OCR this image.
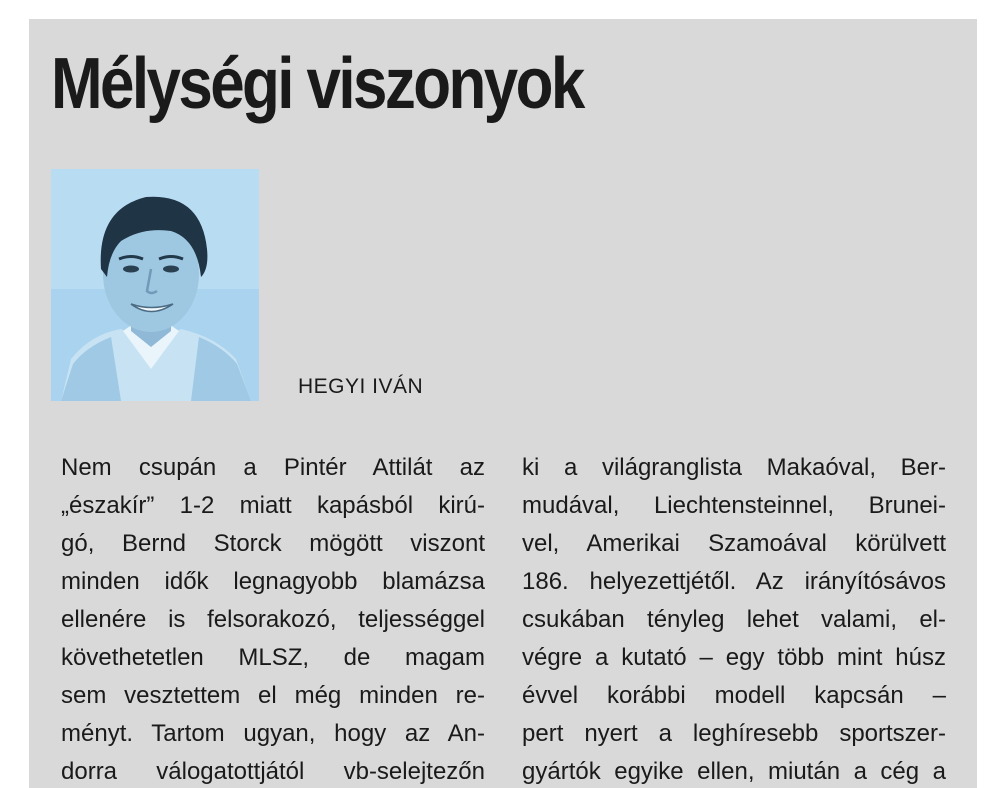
Mélységi viszonyok
HEGYI IVÁN
Nem csupán a Pintér Attilát az
„északír” 1-2 miatt kapásból kirú-
gó, Bernd Storck mögött viszont
minden idők legnagyobb blamázsa
ellenére is felsorakozó, teljességgel
követhetetlen MLSZ, de magam
sem vesztettem el még minden re-
ményt. Tartom ugyan, hogy az An-
dorra válogatottjától vb-selejtezőn
ki a világranglista Makaóval, Ber-
mudával, Liechtensteinnel, Brunei-
vel, Amerikai Szamoával körülvett
186. helyezettjétől. Az irányítósávos
csukában tényleg lehet valami, el-
végre a kutató – egy több mint húsz
évvel korábbi modell kapcsán –
pert nyert a leghíresebb sportszer-
gyártók egyike ellen, miután a cég a
